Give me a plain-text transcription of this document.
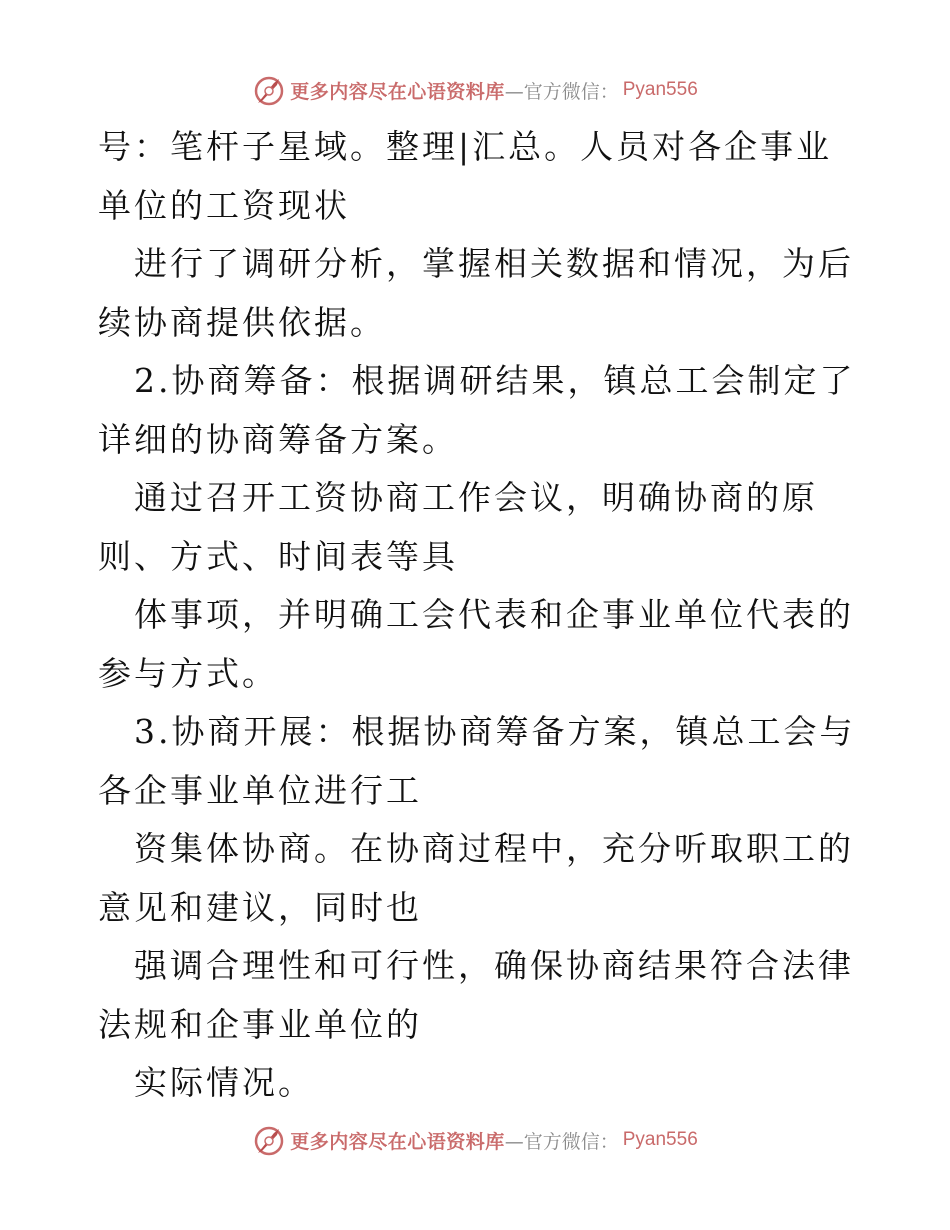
更多内容尽在心语资料库 —官方微信： Pyan556

号：笔杆子星域。整理|汇总。人员对各企事业单位的工资现状

　进行了调研分析，掌握相关数据和情况，为后续协商提供依据。

　2.协商筹备：根据调研结果，镇总工会制定了详细的协商筹备方案。

　通过召开工资协商工作会议，明确协商的原则、方式、时间表等具

　体事项，并明确工会代表和企事业单位代表的参与方式。

　3.协商开展：根据协商筹备方案，镇总工会与各企事业单位进行工

　资集体协商。在协商过程中，充分听取职工的意见和建议，同时也

　强调合理性和可行性，确保协商结果符合法律法规和企事业单位的

　实际情况。

更多内容尽在心语资料库 —官方微信： Pyan556
